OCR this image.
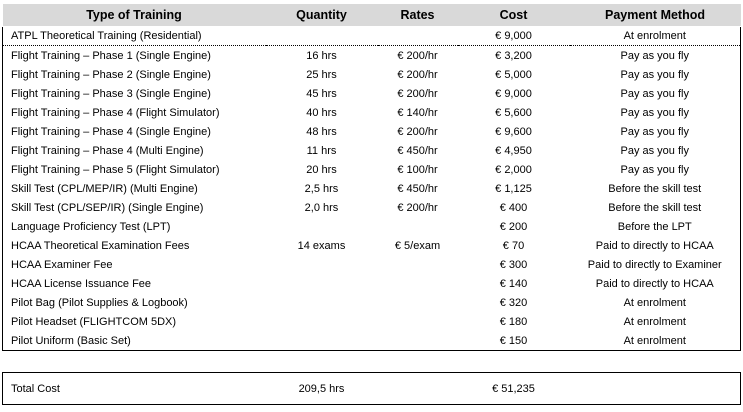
Type of Training	Quantity	Rates	Cost	Payment Method
ATPL Theoretical Training (Residential)			€ 9,000	At enrolment
Flight Training – Phase 1 (Single Engine)	16 hrs	€ 200/hr	€ 3,200	Pay as you fly
Flight Training – Phase 2 (Single Engine)	25 hrs	€ 200/hr	€ 5,000	Pay as you fly
Flight Training – Phase 3 (Single Engine)	45 hrs	€ 200/hr	€ 9,000	Pay as you fly
Flight Training – Phase 4 (Flight Simulator)	40 hrs	€ 140/hr	€ 5,600	Pay as you fly
Flight Training – Phase 4 (Single Engine)	48 hrs	€ 200/hr	€ 9,600	Pay as you fly
Flight Training – Phase 4 (Multi Engine)	11 hrs	€ 450/hr	€ 4,950	Pay as you fly
Flight Training – Phase 5 (Flight Simulator)	20 hrs	€ 100/hr	€ 2,000	Pay as you fly
Skill Test (CPL/MEP/IR) (Multi Engine)	2,5 hrs	€ 450/hr	€ 1,125	Before the skill test
Skill Test (CPL/SEP/IR) (Single Engine)	2,0 hrs	€ 200/hr	€ 400	Before the skill test
Language Proficiency Test (LPT)			€ 200	Before the LPT
HCAA Theoretical Examination Fees	14 exams	€ 5/exam	€ 70	Paid to directly to HCAA
HCAA Examiner Fee			€ 300	Paid to directly to Examiner
HCAA License Issuance Fee			€ 140	Paid to directly to HCAA
Pilot Bag (Pilot Supplies & Logbook)			€ 320	At enrolment
Pilot Headset (FLIGHTCOM 5DX)			€ 180	At enrolment
Pilot Uniform (Basic Set)			€ 150	At enrolment
Total Cost	209,5 hrs		€ 51,235	
